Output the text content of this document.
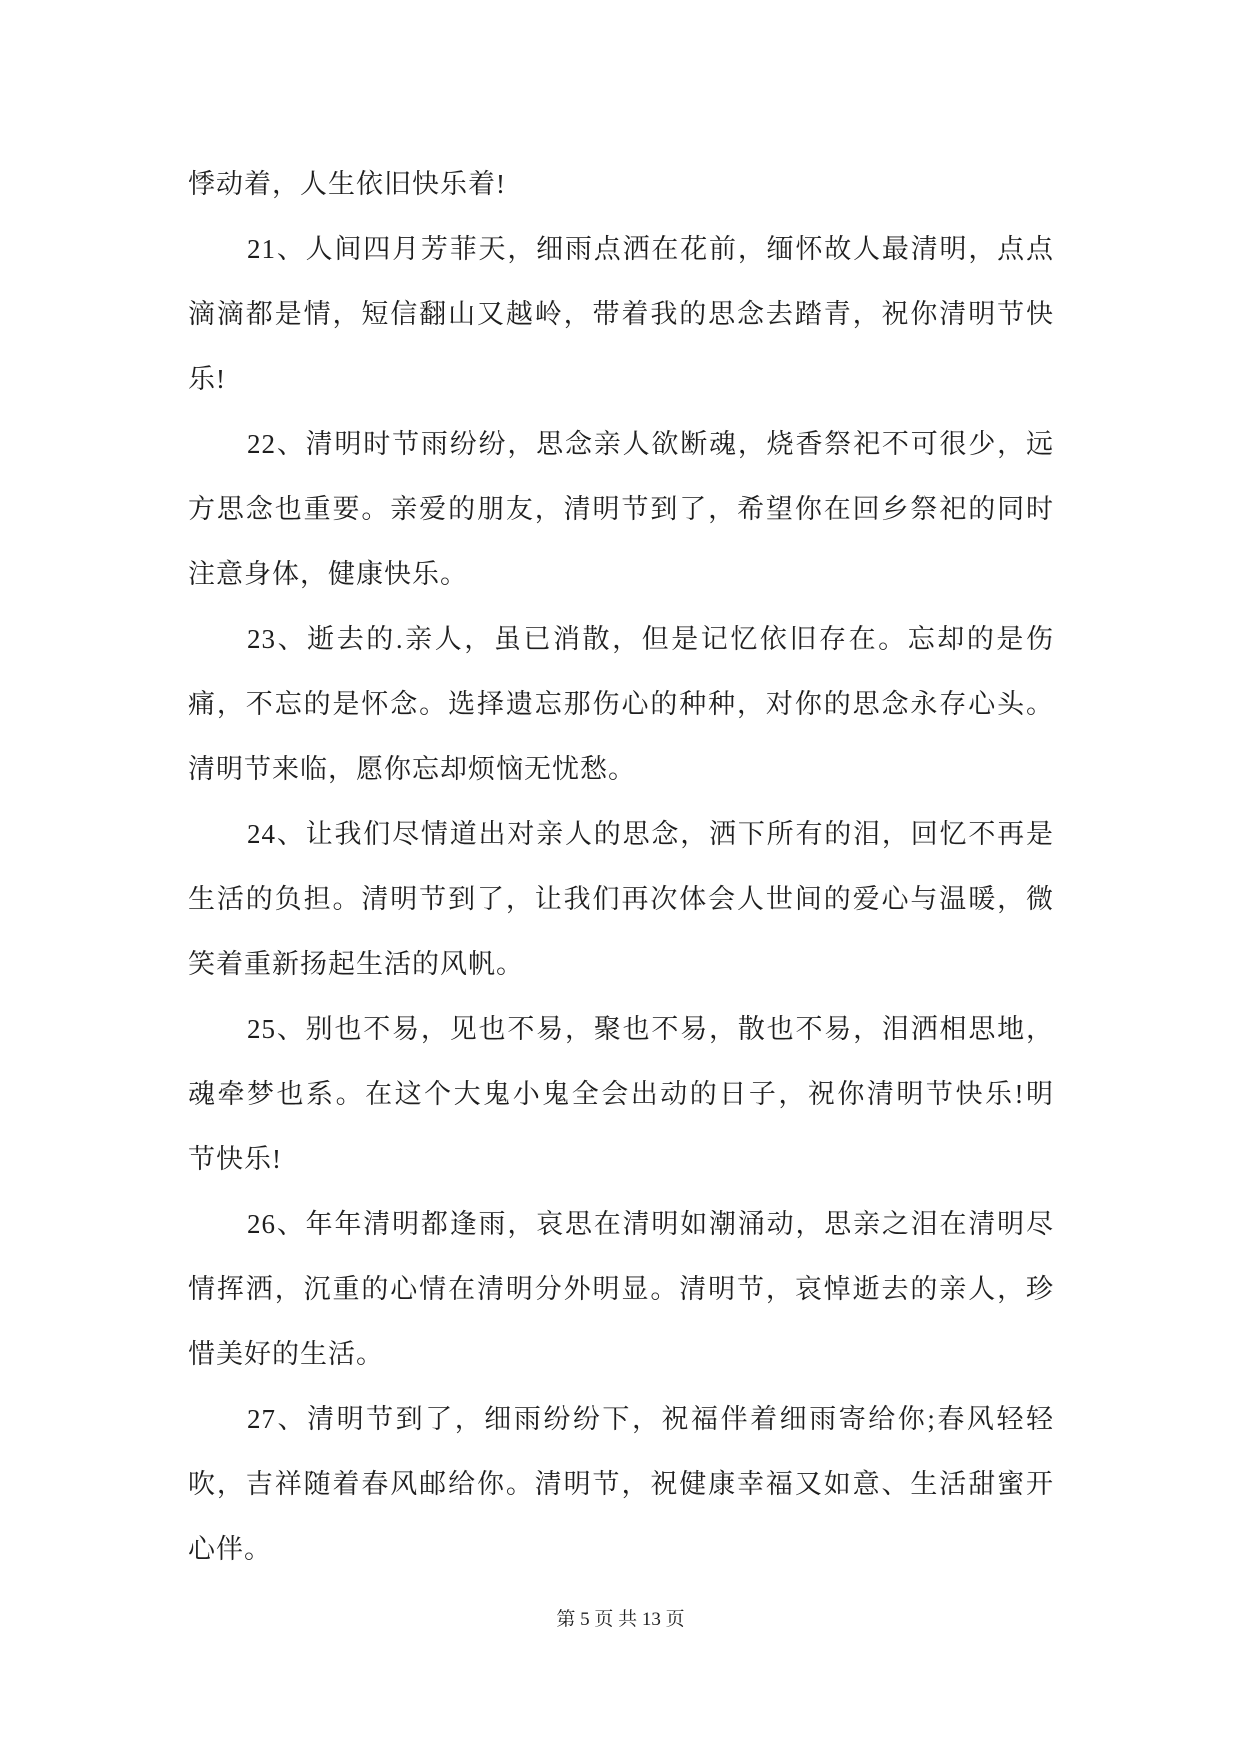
悸动着，人生依旧快乐着!
21、人间四月芳菲天，细雨点洒在花前，缅怀故人最清明，点点
滴滴都是情，短信翻山又越岭，带着我的思念去踏青，祝你清明节快
乐!
22、清明时节雨纷纷，思念亲人欲断魂，烧香祭祀不可很少，远
方思念也重要。亲爱的朋友，清明节到了，希望你在回乡祭祀的同时
注意身体，健康快乐。
23、逝去的.亲人，虽已消散，但是记忆依旧存在。忘却的是伤
痛，不忘的是怀念。选择遗忘那伤心的种种，对你的思念永存心头。
清明节来临，愿你忘却烦恼无忧愁。
24、让我们尽情道出对亲人的思念，洒下所有的泪，回忆不再是
生活的负担。清明节到了，让我们再次体会人世间的爱心与温暖，微
笑着重新扬起生活的风帆。
25、别也不易，见也不易，聚也不易，散也不易，泪洒相思地，
魂牵梦也系。在这个大鬼小鬼全会出动的日子，祝你清明节快乐!明
节快乐!
26、年年清明都逢雨，哀思在清明如潮涌动，思亲之泪在清明尽
情挥洒，沉重的心情在清明分外明显。清明节，哀悼逝去的亲人，珍
惜美好的生活。
27、清明节到了，细雨纷纷下，祝福伴着细雨寄给你;春风轻轻
吹，吉祥随着春风邮给你。清明节，祝健康幸福又如意、生活甜蜜开
心伴。
第 5 页 共 13 页
